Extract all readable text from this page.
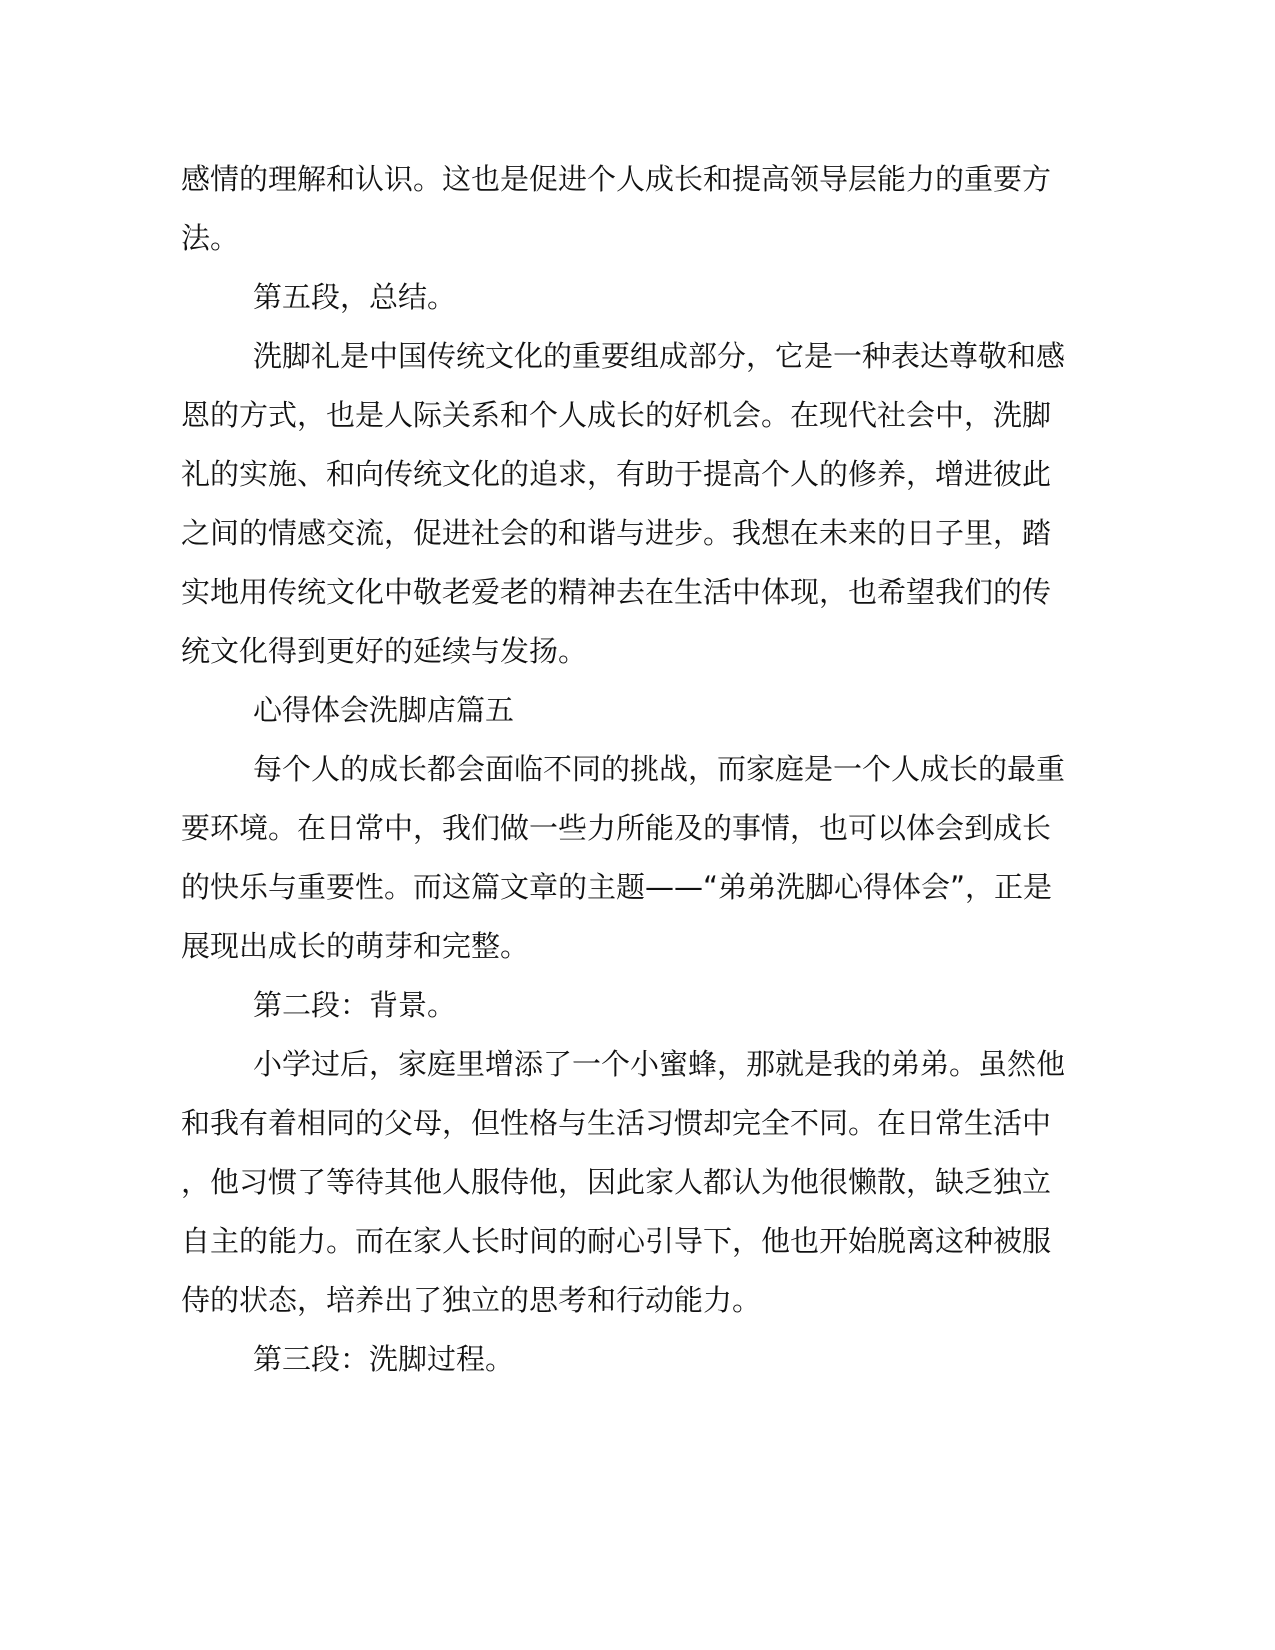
感情的理解和认识。这也是促进个人成长和提高领导层能力的重要方
法。
第五段，总结。
洗脚礼是中国传统文化的重要组成部分，它是一种表达尊敬和感
恩的方式，也是人际关系和个人成长的好机会。在现代社会中，洗脚
礼的实施、和向传统文化的追求，有助于提高个人的修养，增进彼此
之间的情感交流，促进社会的和谐与进步。我想在未来的日子里，踏
实地用传统文化中敬老爱老的精神去在生活中体现，也希望我们的传
统文化得到更好的延续与发扬。
心得体会洗脚店篇五
每个人的成长都会面临不同的挑战，而家庭是一个人成长的最重
要环境。在日常中，我们做一些力所能及的事情，也可以体会到成长
的快乐与重要性。而这篇文章的主题——“弟弟洗脚心得体会”，正是
展现出成长的萌芽和完整。
第二段：背景。
小学过后，家庭里增添了一个小蜜蜂，那就是我的弟弟。虽然他
和我有着相同的父母，但性格与生活习惯却完全不同。在日常生活中
，他习惯了等待其他人服侍他，因此家人都认为他很懒散，缺乏独立
自主的能力。而在家人长时间的耐心引导下，他也开始脱离这种被服
侍的状态，培养出了独立的思考和行动能力。
第三段：洗脚过程。
